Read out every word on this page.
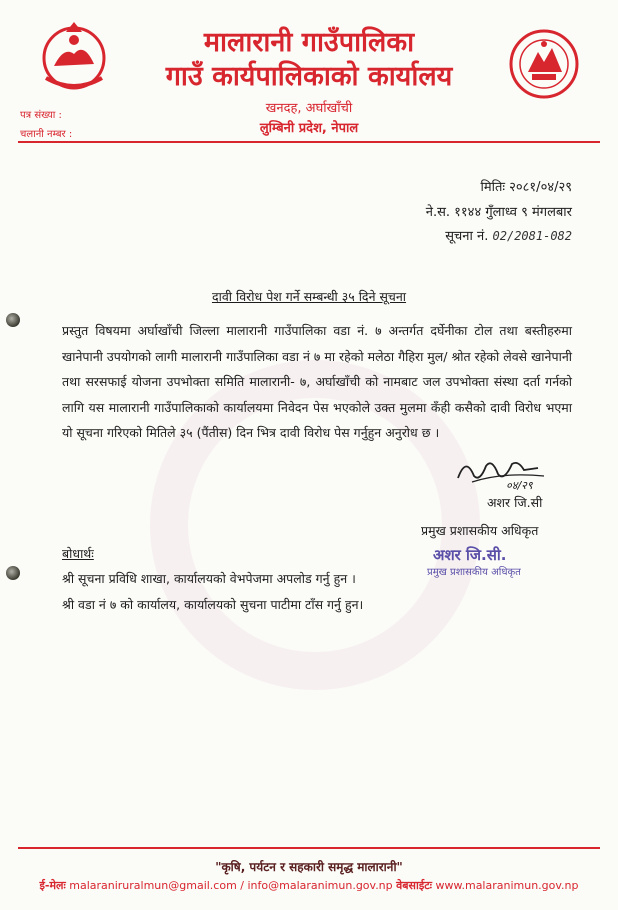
मालारानी गाउँपालिका
गाउँ कार्यपालिकाको कार्यालय
खनदह, अर्घाखाँची
लुम्बिनी प्रदेश, नेपाल
पत्र संख्या :
चलानी नम्बर :
मितिः २०८१/०४/२९
ने.स. ११४४ गुँलाध्व ९ मंगलबार
सूचना नं. 02/2081-082
दावी विरोध पेश गर्ने सम्बन्धी ३५ दिने सूचना
प्रस्तुत विषयमा अर्घाखाँची जिल्ला मालारानी गाउँपालिका वडा नं. ७ अन्तर्गत दर्घेनीका टोल तथा बस्तीहरुमा खानेपानी उपयोगको लागी मालारानी गाउँपालिका वडा नं ७ मा रहेको मलेठा गैहिरा मुल/ श्रोत रहेको लेवसे खानेपानी तथा सरसफाई योजना उपभोक्ता समिति मालारानी- ७, अर्घाखाँची को नामबाट जल उपभोक्ता संस्था दर्ता गर्नको लागि यस मालारानी गाउँपालिकाको कार्यालयमा निवेदन पेस भएकोले उक्त मुलमा कँही कसैको दावी विरोध भएमा यो सूचना गरिएको मितिले ३५ (पैंतीस) दिन भित्र दावी विरोध पेस गर्नुहुन अनुरोध छ ।
०४/२९
अशर जि.सी
प्रमुख प्रशासकीय अधिकृत
अशर जि.सी.
प्रमुख प्रशासकीय अधिकृत
बोधार्थः
श्री सूचना प्रविधि शाखा, कार्यालयको वेभपेजमा अपलोड गर्नु हुन ।
श्री वडा नं ७ को कार्यालय, कार्यालयको सुचना पाटीमा टाँस गर्नु हुन।
"कृषि, पर्यटन र सहकारी समृद्ध मालारानी"
ई-मेलः malaraniruralmun@gmail.com / info@malaranimun.gov.np वेबसाईटः www.malaranimun.gov.np
